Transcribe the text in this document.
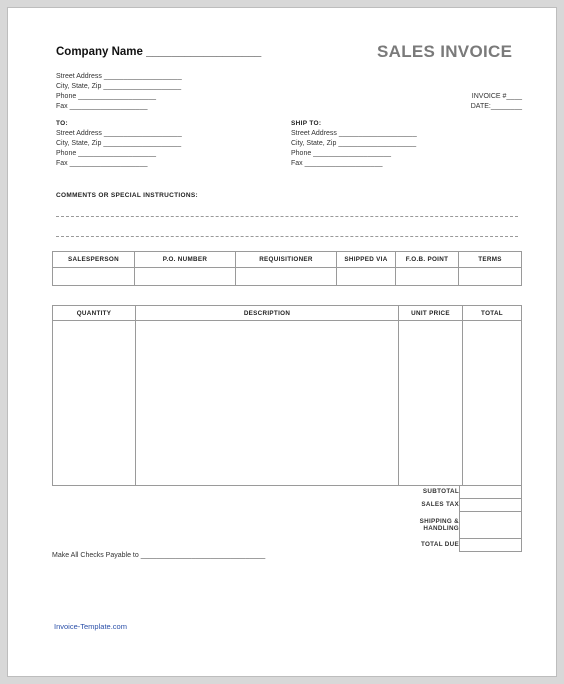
Company Name __________________	SALES INVOICE
Street Address ____________________
City, State, Zip ____________________
Phone ____________________
Fax ____________________
INVOICE #____
DATE:________
TO:
Street Address ____________________
City, State, Zip ____________________
Phone ____________________
Fax ____________________
SHIP TO:
Street Address ____________________
City, State, Zip ____________________
Phone ____________________
Fax ____________________
COMMENTS OR SPECIAL INSTRUCTIONS:
SALESPERSON	P.O. NUMBER	REQUISITIONER	SHIPPED VIA	F.O.B. POINT	TERMS

QUANTITY	DESCRIPTION	UNIT PRICE	TOTAL

SUBTOTAL	
SALES TAX	
SHIPPING & HANDLING	
TOTAL DUE	
Make All Checks Payable to ________________________________
Invoice-Template.com
